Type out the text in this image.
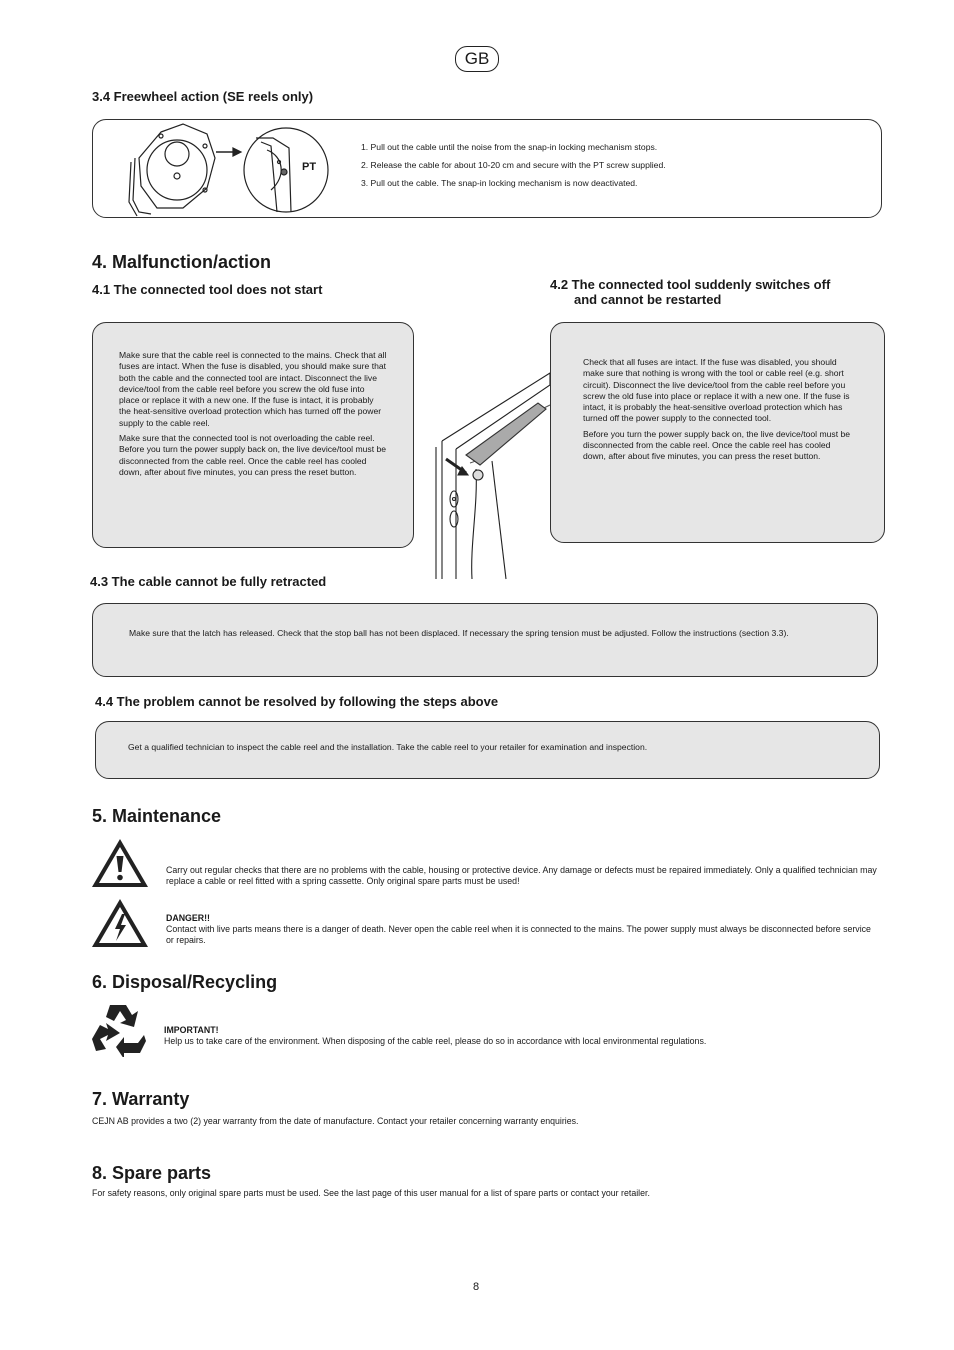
GB
3.4 Freewheel action (SE reels only)
PT

1. Pull out the cable until the noise from the snap-in locking mechanism stops.

2. Release the cable for about 10-20 cm and secure with the PT screw supplied.

3. Pull out the cable. The snap-in locking mechanism is now deactivated.

4. Malfunction/action
4.1 The connected tool does not start	4.2 The connected tool suddenly switches off
and cannot be restarted

Make sure that the cable reel is connected to the mains. Check that all fuses are intact. When the fuse is disabled, you should make sure that both the cable and the connected tool are intact. Disconnect the live device/tool from the cable reel before you screw the old fuse into place or replace it with a new one. If the fuse is intact, it is probably the heat-sensitive overload protection which has turned off the power supply to the cable reel.

Make sure that the connected tool is not overloading the cable reel. Before you turn the power supply back on, the live device/tool must be disconnected from the cable reel. Once the cable reel has cooled down, after about five minutes, you can press the reset button.

Check that all fuses are intact. If the fuse was disabled, you should make sure that nothing is wrong with the tool or cable reel (e.g. short circuit). Disconnect the live device/tool from the cable reel before you screw the old fuse into place or replace it with a new one. If the fuse is intact, it is probably the heat-sensitive overload protection which has turned off the power supply to the connected tool.

Before you turn the power supply back on, the live device/tool must be disconnected from the cable reel. Once the cable reel has cooled down, after about five minutes, you can press the reset button.

4.3 The cable cannot be fully retracted
Make sure that the latch has released. Check that the stop ball has not been displaced. If necessary the spring tension must be adjusted. Follow the instructions (section 3.3).
4.4 The problem cannot be resolved by following the steps above
Get a qualified technician to inspect the cable reel and the installation. Take the cable reel to your retailer for examination and inspection.
5. Maintenance
Carry out regular checks that there are no problems with the cable, housing or protective device. Any damage or defects must be repaired immediately. Only a qualified technician may replace a cable or reel fitted with a spring cassette. Only original spare parts must be used!
DANGER!!
Contact with live parts means there is a danger of death. Never open the cable reel when it is connected to the mains. The power supply must always be disconnected before service or repairs.
6. Disposal/Recycling
IMPORTANT!
Help us to take care of the environment. When disposing of the cable reel, please do so in accordance with local environmental regulations.
7. Warranty
CEJN AB provides a two (2) year warranty from the date of manufacture. Contact your retailer concerning warranty enquiries.
8. Spare parts
For safety reasons, only original spare parts must be used. See the last page of this user manual for a list of spare parts or contact your retailer.
8
